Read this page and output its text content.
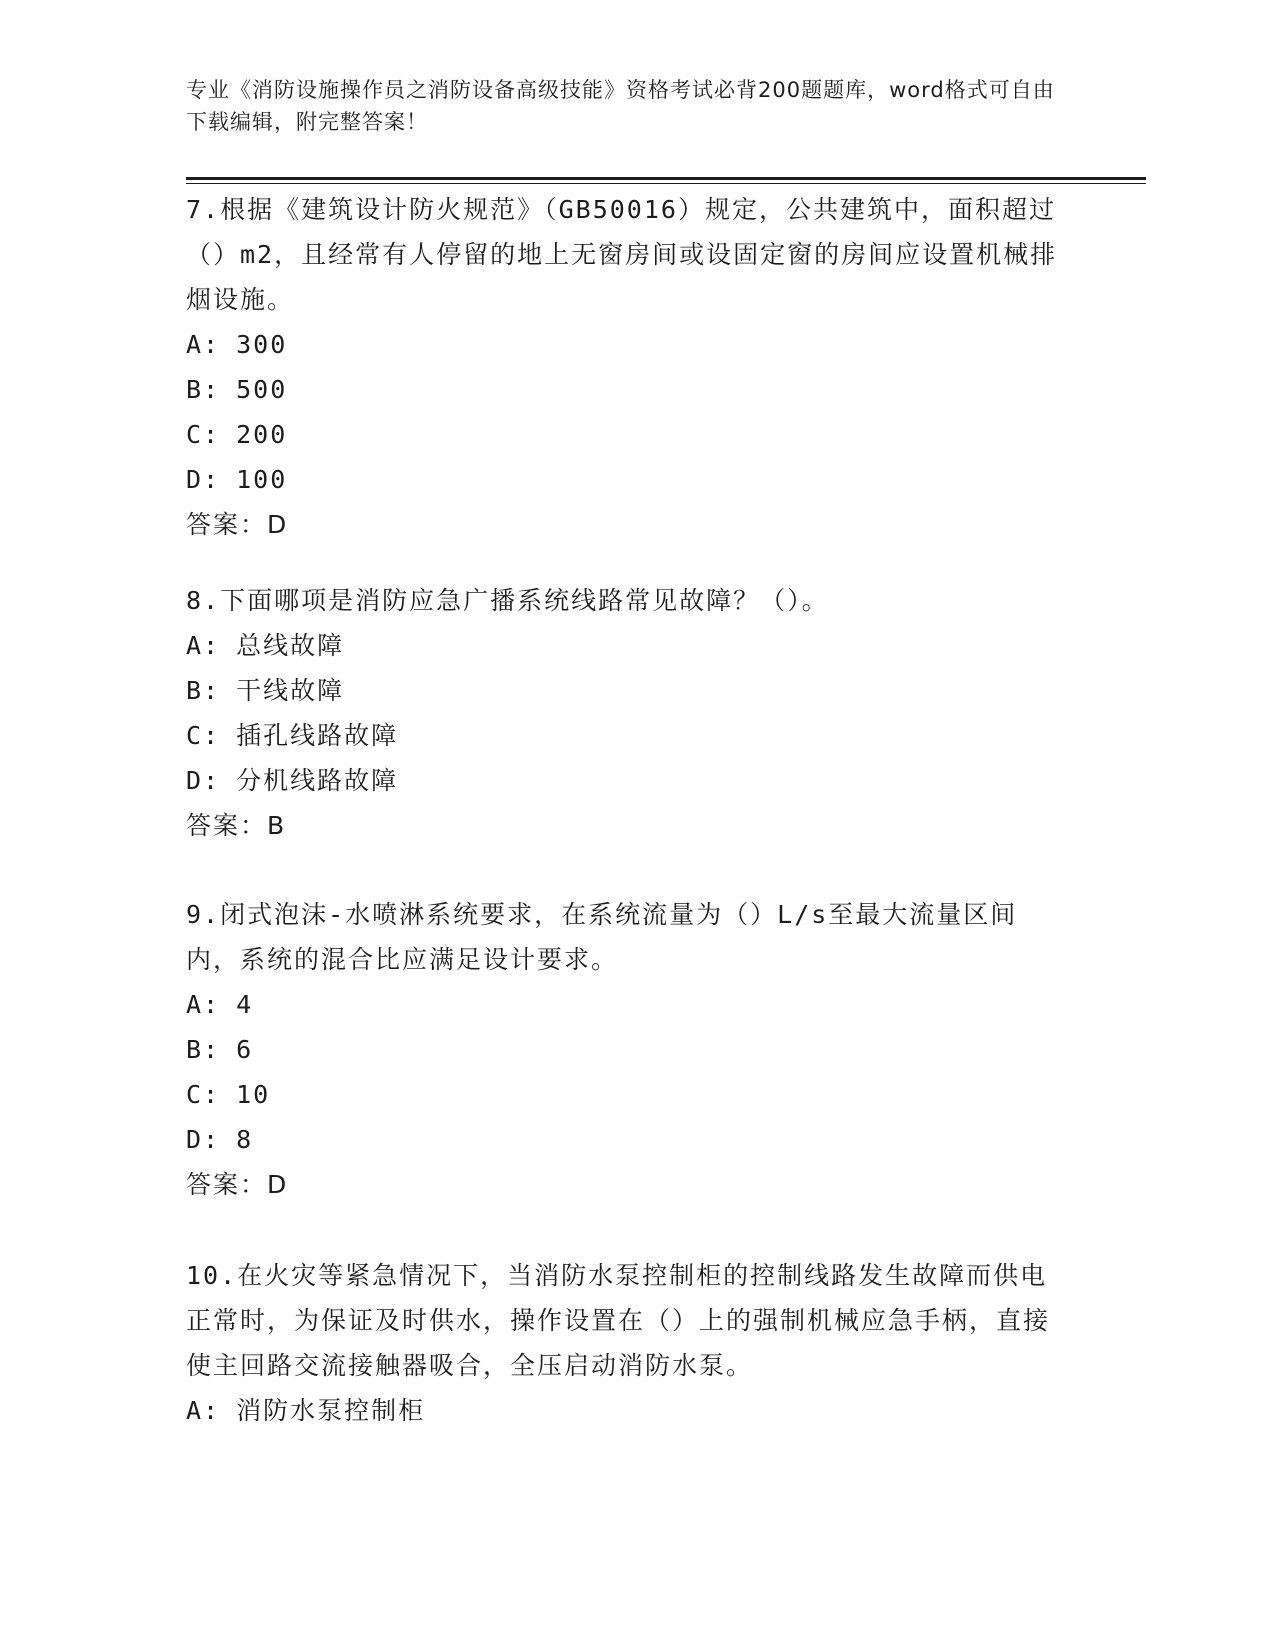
专业《消防设施操作员之消防设备高级技能》资格考试必背200题题库，word格式可自由下载编辑，附完整答案！
7.根据《建筑设计防火规范》（GB50016）规定，公共建筑中，面积超过（）m2，且经常有人停留的地上无窗房间或设固定窗的房间应设置机械排烟设施。
A: 300
B: 500
C: 200
D: 100
答案：D
8.下面哪项是消防应急广播系统线路常见故障？（）。
A: 总线故障
B: 干线故障
C: 插孔线路故障
D: 分机线路故障
答案：B
9.闭式泡沫-水喷淋系统要求，在系统流量为（）L/s至最大流量区间内，系统的混合比应满足设计要求。
A: 4
B: 6
C: 10
D: 8
答案：D
10.在火灾等紧急情况下，当消防水泵控制柜的控制线路发生故障而供电正常时，为保证及时供水，操作设置在（）上的强制机械应急手柄，直接使主回路交流接触器吸合，全压启动消防水泵。
A: 消防水泵控制柜
